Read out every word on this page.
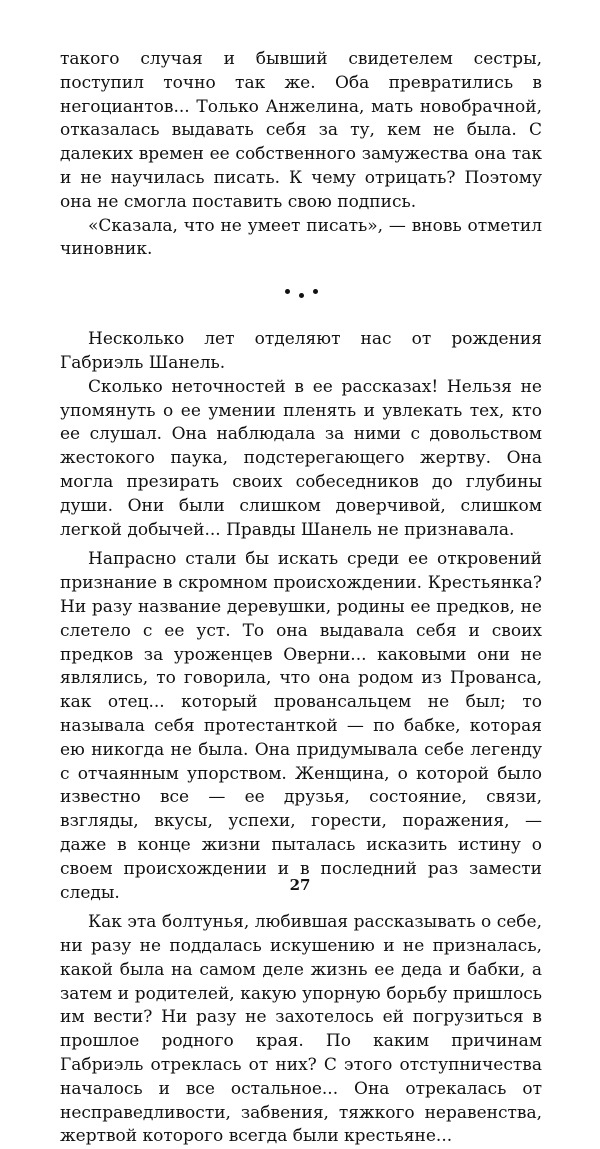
такого случая и бывший свидетелем сестры, поступил точно так же. Оба превратились в негоциантов... Только Анжелина, мать новобрачной, отказалась выдавать себя за ту, кем не была. С далеких времен ее собственного замужества она так и не научилась писать. К чему отрицать? Поэтому она не смогла поставить свою подпись.

«Сказала, что не умеет писать», — вновь отметил чиновник.

Несколько лет отделяют нас от рождения Габриэль Шанель.

Сколько неточностей в ее рассказах! Нельзя не упомянуть о ее умении пленять и увлекать тех, кто ее слушал. Она наблюдала за ними с довольством жестокого паука, подстерегающего жертву. Она могла презирать своих собеседников до глубины души. Они были слишком доверчивой, слишком легкой добычей... Правды Шанель не признавала.

Напрасно стали бы искать среди ее откровений признание в скромном происхождении. Крестьянка? Ни разу название деревушки, родины ее предков, не слетело с ее уст. То она выдавала себя и своих предков за уроженцев Оверни... каковыми они не являлись, то говорила, что она родом из Прованса, как отец... который провансальцем не был; то называла себя протестанткой — по бабке, которая ею никогда не была. Она придумывала себе легенду с отчаянным упорством. Женщина, о которой было известно все — ее друзья, состояние, связи, взгляды, вкусы, успехи, горести, поражения, — даже в конце жизни пыталась исказить истину о своем происхождении и в последний раз замести следы.

Как эта болтунья, любившая рассказывать о себе, ни разу не поддалась искушению и не призналась, какой была на самом деле жизнь ее деда и бабки, а затем и родителей, какую упорную борьбу пришлось им вести? Ни разу не захотелось ей погрузиться в прошлое родного края. По каким причинам Габриэль отреклась от них? С этого отступничества началось и все остальное... Она отрекалась от несправедливости, забвения, тяжкого неравенства, жертвой которого всегда были крестьяне...

27
